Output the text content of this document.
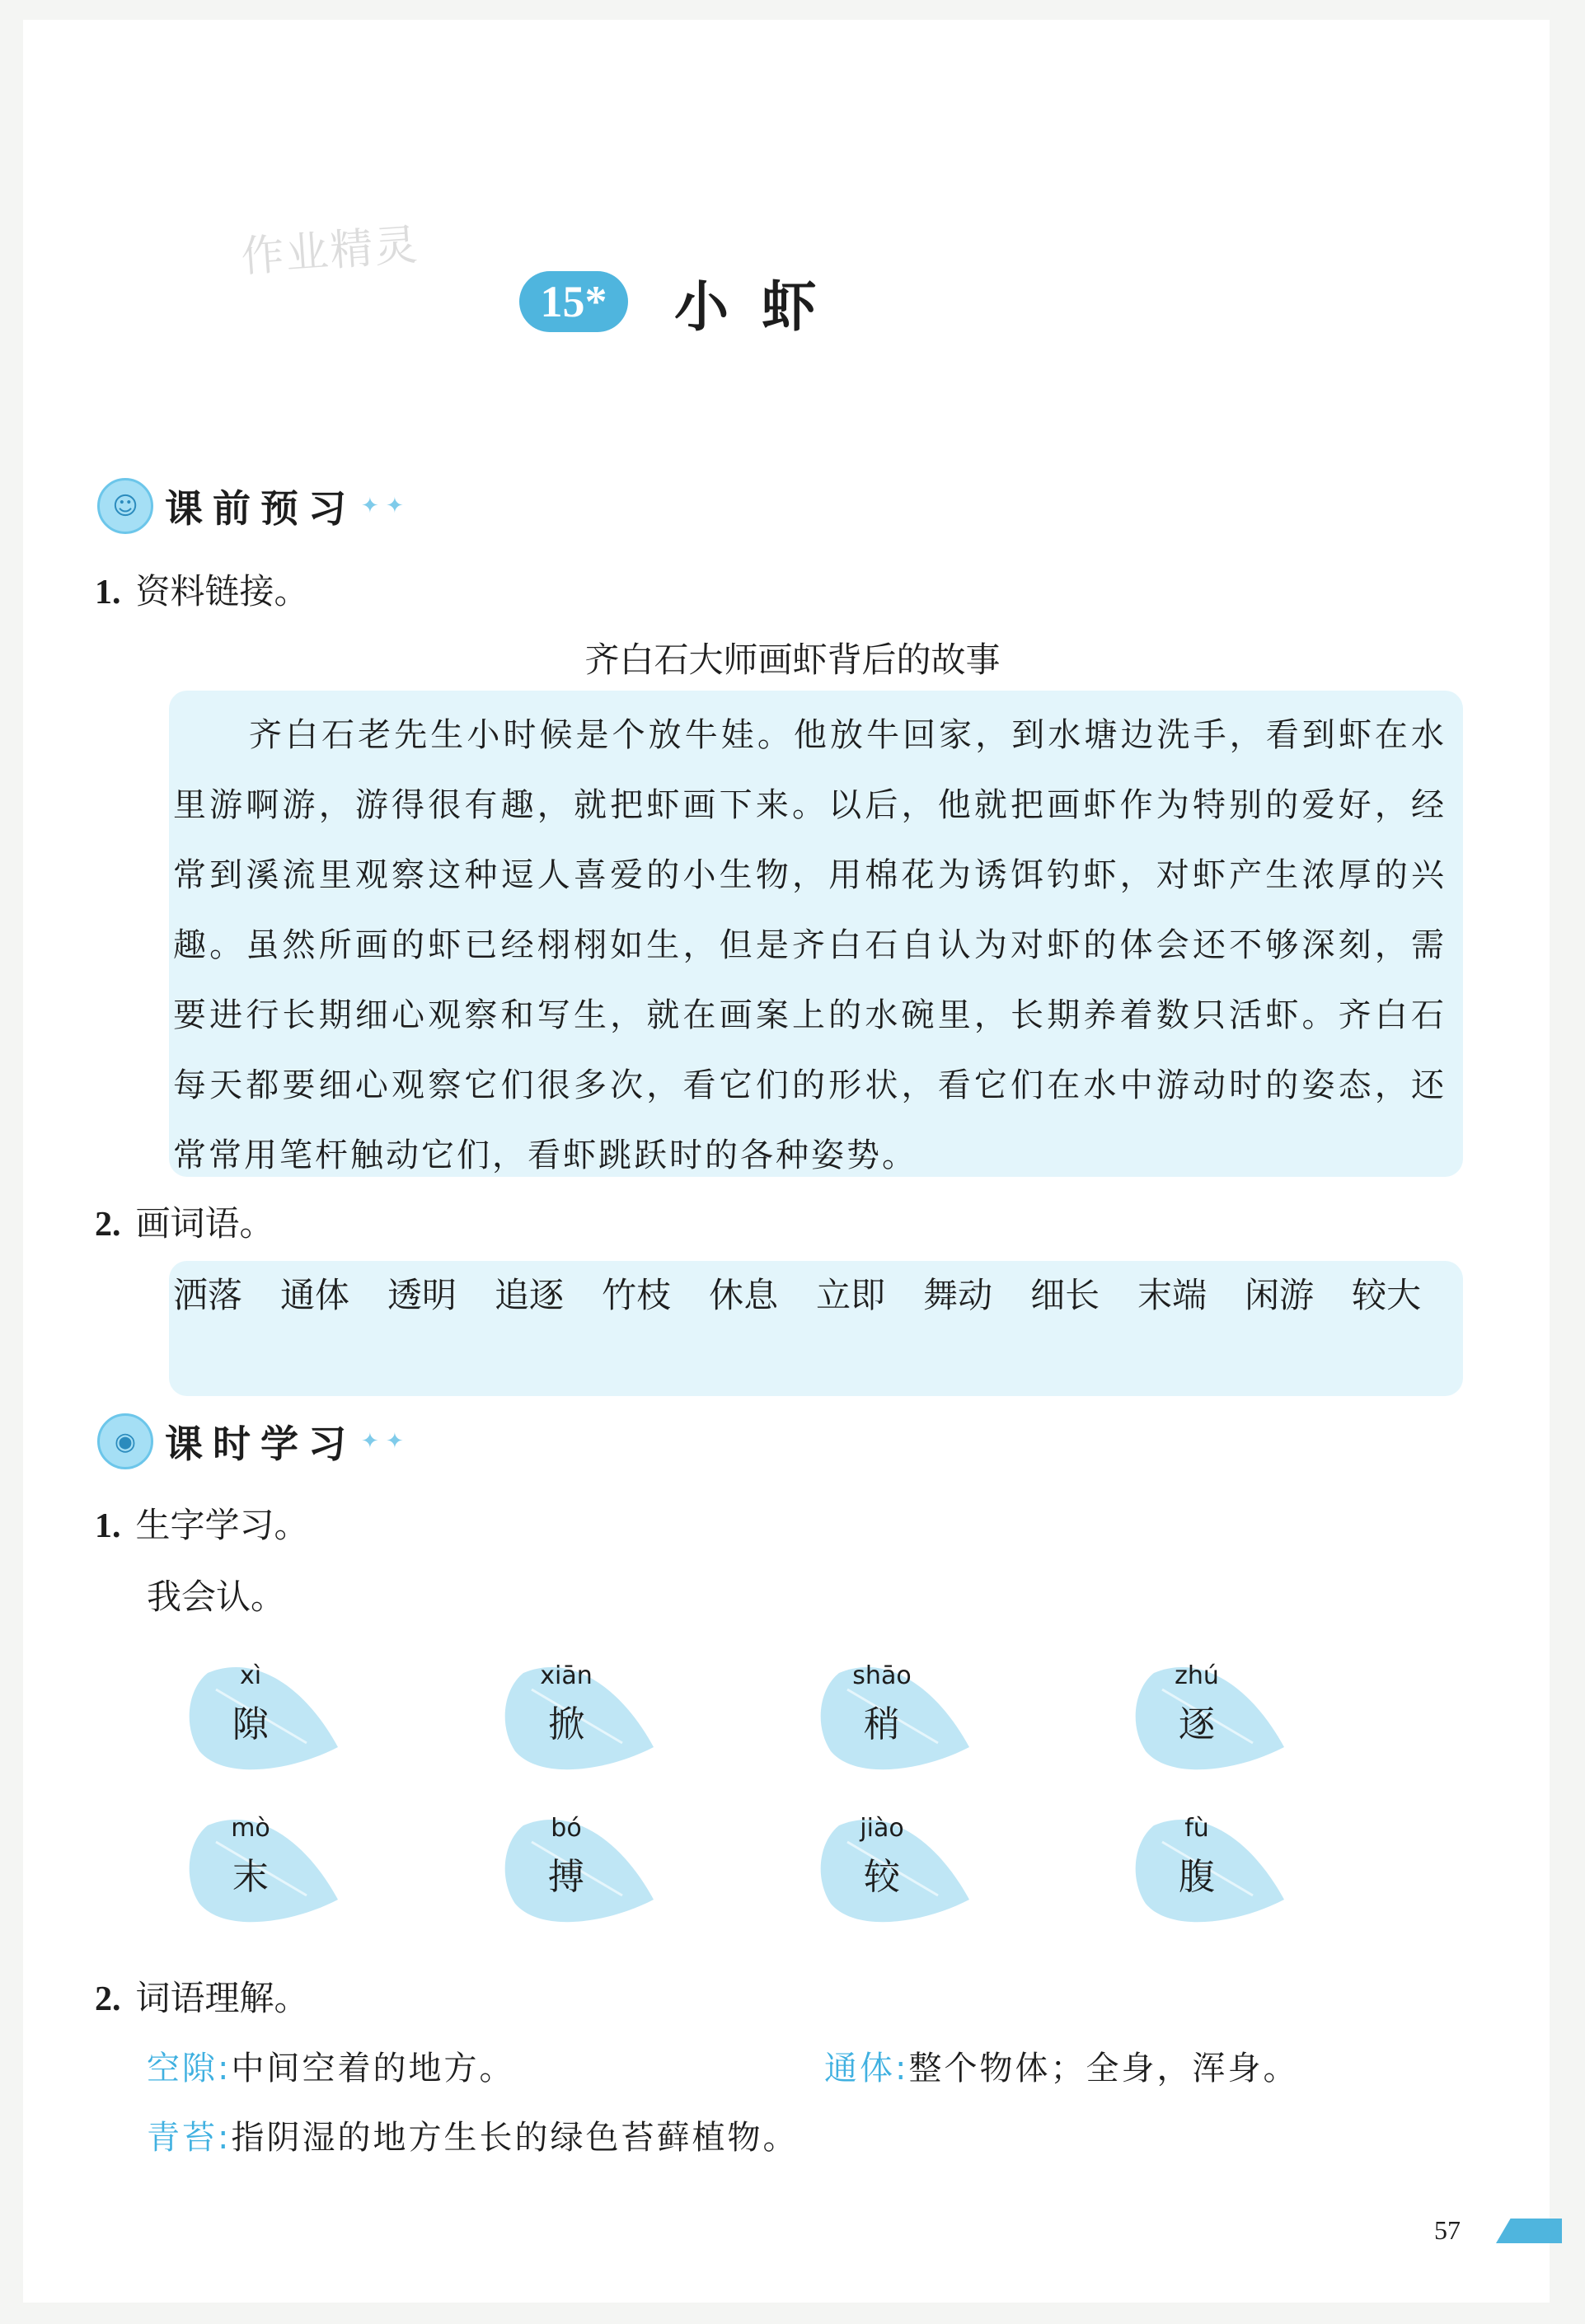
作业精灵
15*	小虾
☺ 课前预习 ✦ ✦
1. 资料链接。
齐白石大师画虾背后的故事
齐白石老先生小时候是个放牛娃。他放牛回家，到水塘边洗手，看到虾在水里游啊游，游得很有趣，就把虾画下来。以后，他就把画虾作为特别的爱好，经常到溪流里观察这种逗人喜爱的小生物，用棉花为诱饵钓虾，对虾产生浓厚的兴趣。虽然所画的虾已经栩栩如生，但是齐白石自认为对虾的体会还不够深刻，需要进行长期细心观察和写生，就在画案上的水碗里，长期养着数只活虾。齐白石每天都要细心观察它们很多次，看它们的形状，看它们在水中游动时的姿态，还常常用笔杆触动它们，看虾跳跃时的各种姿势。
2. 画词语。
洒落 通体 透明 追逐 竹枝 休息 立即 舞动 细长 末端 闲游 较大
◉ 课时学习 ✦ ✦
1. 生字学习。
我会认。
xì
隙
xiān
掀
shāo
稍
zhú
逐
mò
末
bó
搏
jiào
较
fù
腹
2. 词语理解。
空隙:中间空着的地方。	通体:整个物体；全身，浑身。
青苔:指阴湿的地方生长的绿色苔藓植物。
57
